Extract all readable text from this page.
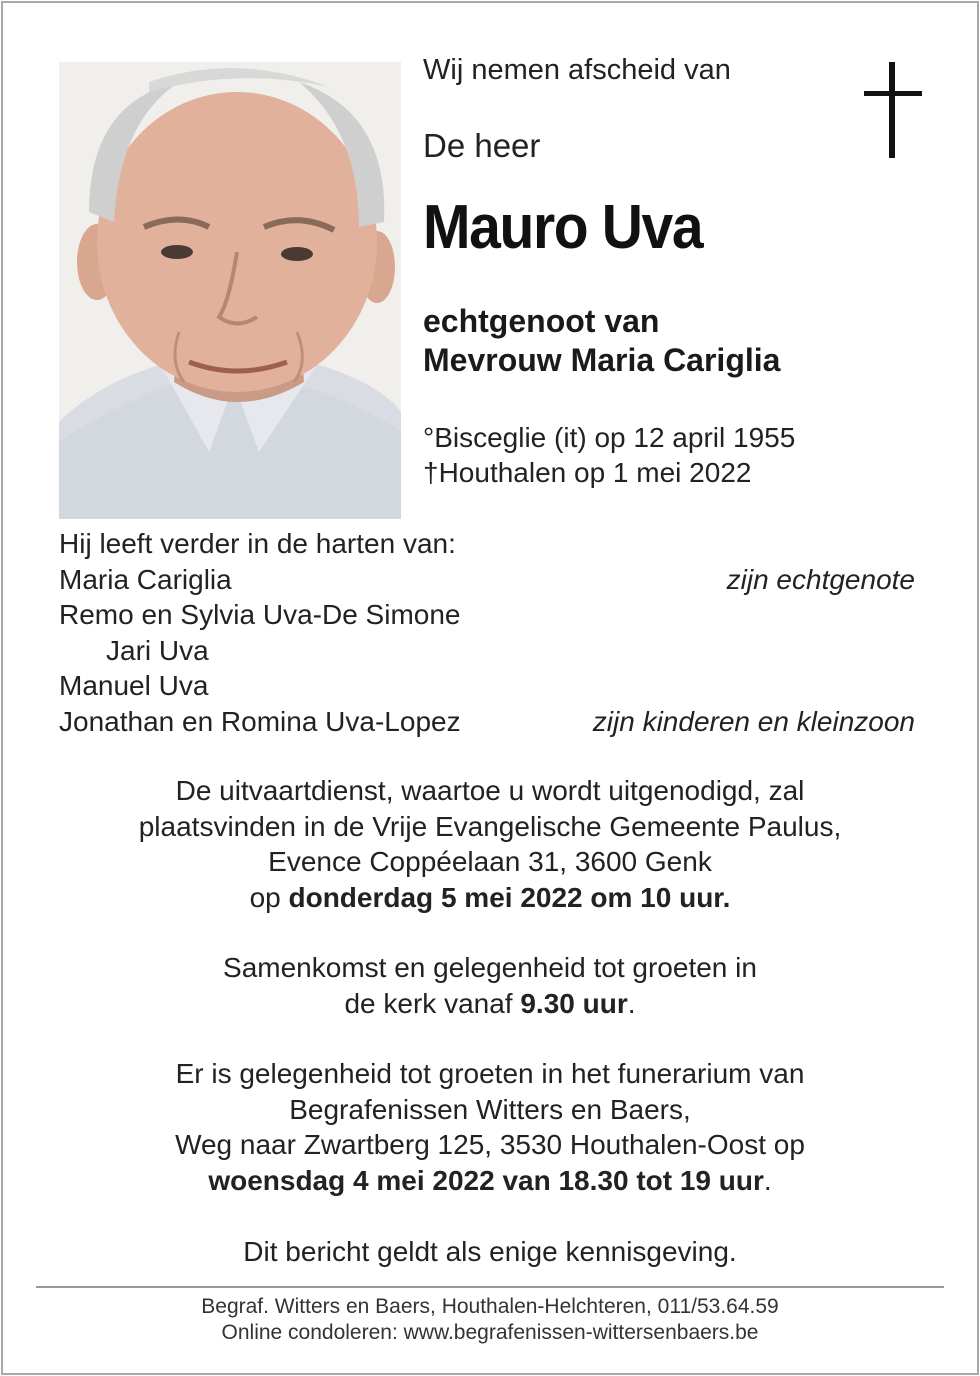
Wij nemen afscheid van
De heer
Mauro Uva
echtgenoot van
Mevrouw Maria Cariglia
°Bisceglie (it) op 12 april 1955
†Houthalen op 1 mei 2022
Hij leeft verder in de harten van:
Maria Cariglia	zijn echtgenote
Remo en Sylvia Uva-De Simone
Jari Uva
Manuel Uva
Jonathan en Romina Uva-Lopez	zijn kinderen en kleinzoon
De uitvaartdienst, waartoe u wordt uitgenodigd, zal
plaatsvinden in de Vrije Evangelische Gemeente Paulus,
Evence Coppéelaan 31, 3600 Genk
op donderdag 5 mei 2022 om 10 uur.
Samenkomst en gelegenheid tot groeten in
de kerk vanaf 9.30 uur.
Er is gelegenheid tot groeten in het funerarium van
Begrafenissen Witters en Baers,
Weg naar Zwartberg 125, 3530 Houthalen-Oost op
woensdag 4 mei 2022 van 18.30 tot 19 uur.
Dit bericht geldt als enige kennisgeving.
Begraf. Witters en Baers, Houthalen-Helchteren, 011/53.64.59
Online condoleren: www.begrafenissen-wittersenbaers.be
